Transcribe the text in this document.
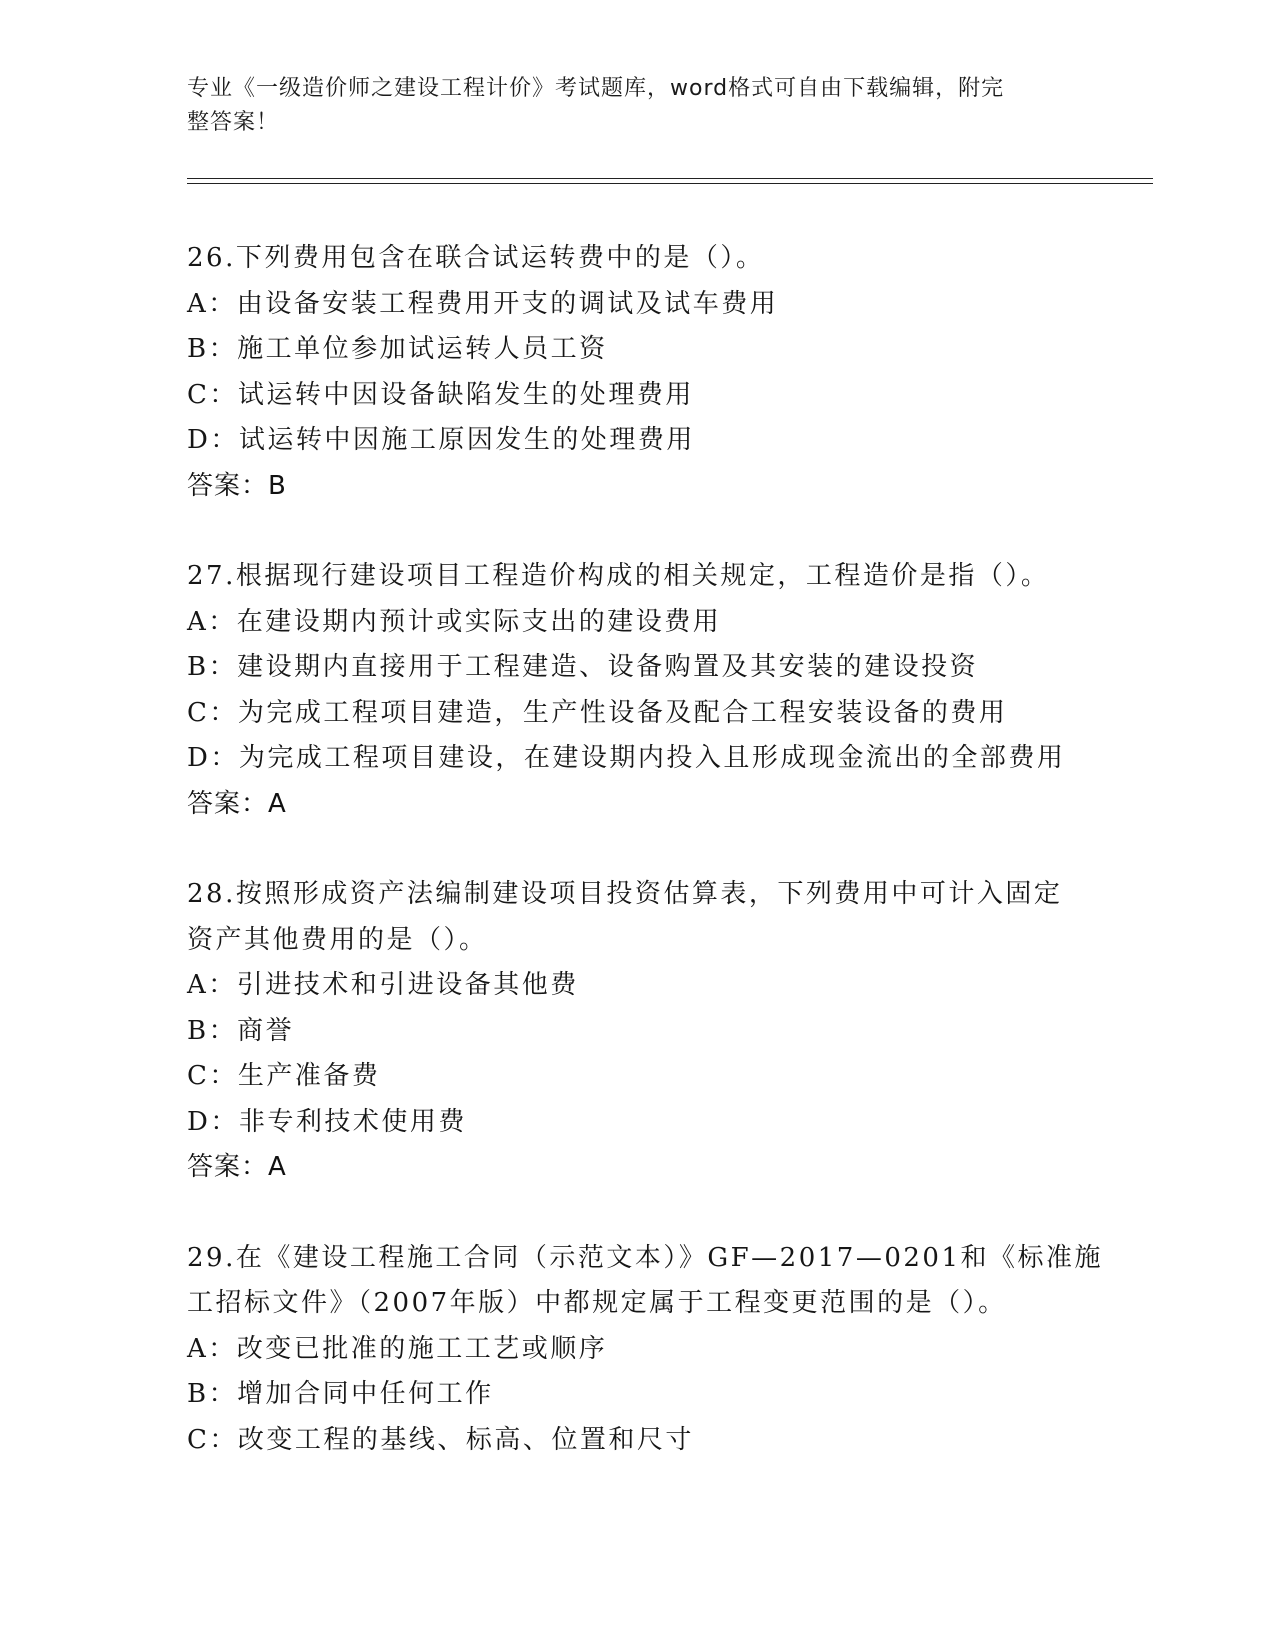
专业《一级造价师之建设工程计价》考试题库，word格式可自由下载编辑，附完
整答案！
26.下列费用包含在联合试运转费中的是（）。
A：由设备安装工程费用开支的调试及试车费用
B：施工单位参加试运转人员工资
C：试运转中因设备缺陷发生的处理费用
D：试运转中因施工原因发生的处理费用
答案：B
27.根据现行建设项目工程造价构成的相关规定，工程造价是指（）。
A：在建设期内预计或实际支出的建设费用
B：建设期内直接用于工程建造、设备购置及其安装的建设投资
C：为完成工程项目建造，生产性设备及配合工程安装设备的费用
D：为完成工程项目建设，在建设期内投入且形成现金流出的全部费用
答案：A
28.按照形成资产法编制建设项目投资估算表，下列费用中可计入固定
资产其他费用的是（）。
A：引进技术和引进设备其他费
B：商誉
C：生产准备费
D：非专利技术使用费
答案：A
29.在《建设工程施工合同（示范文本）》GF—2017—0201和《标准施
工招标文件》（2007年版）中都规定属于工程变更范围的是（）。
A：改变已批准的施工工艺或顺序
B：增加合同中任何工作
C：改变工程的基线、标高、位置和尺寸
